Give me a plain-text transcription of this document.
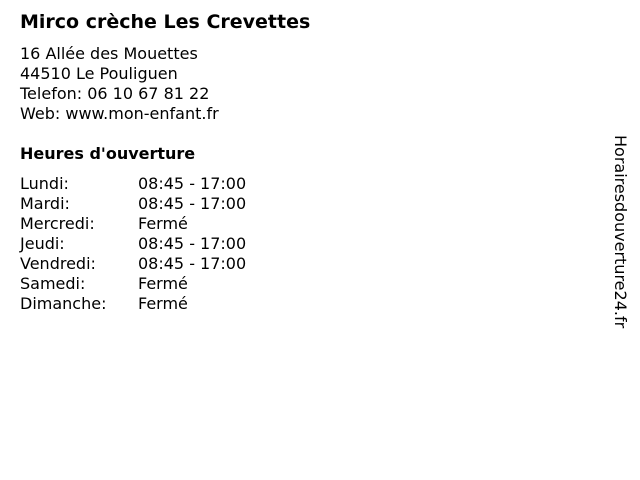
Mirco crèche Les Crevettes
16 Allée des Mouettes
44510 Le Pouliguen
Telefon: 06 10 67 81 22
Web: www.mon-enfant.fr
Heures d'ouverture
Lundi:	08:45 - 17:00
Mardi:	08:45 - 17:00
Mercredi:	Fermé
Jeudi:	08:45 - 17:00
Vendredi:	08:45 - 17:00
Samedi:	Fermé
Dimanche: Fermé	Horairesdouverture24.fr
